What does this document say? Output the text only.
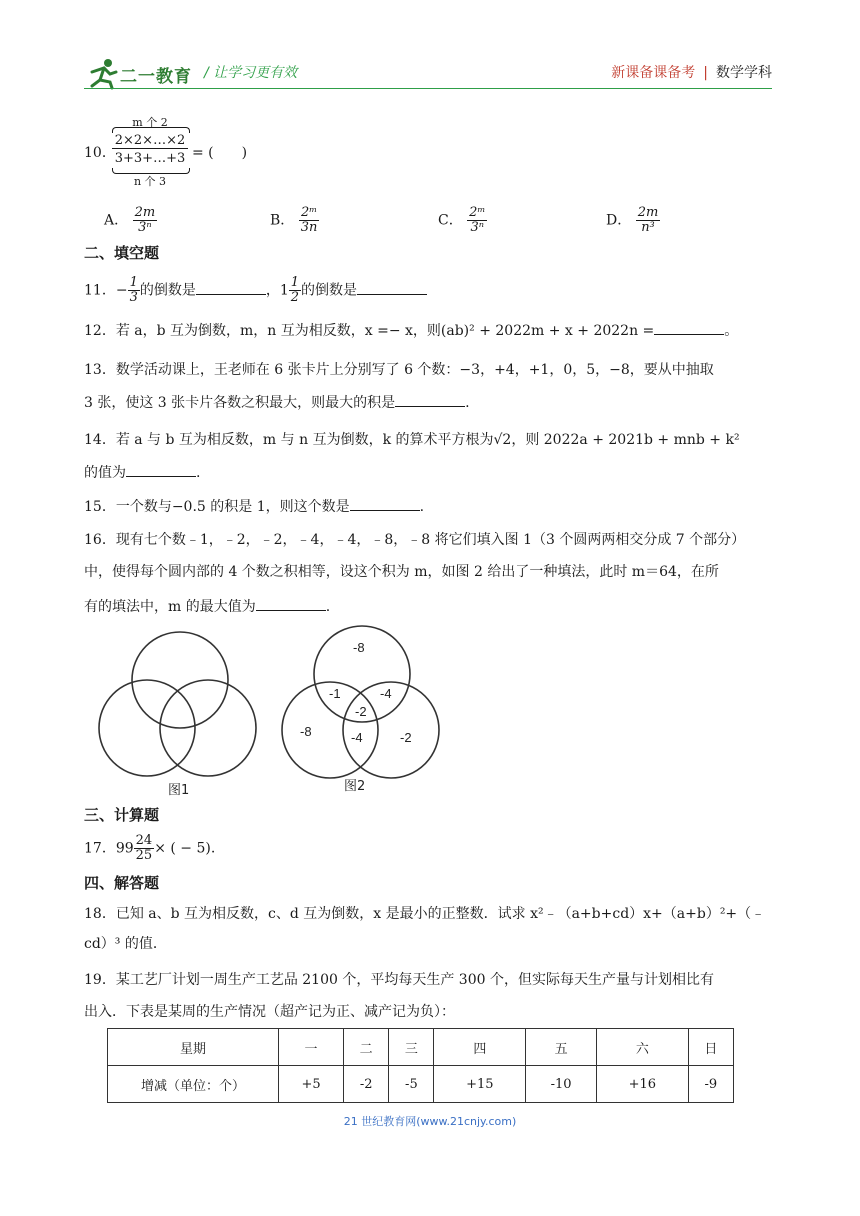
二一教育 / 让学习更有效	新课备课备考 | 数学学科
10．
m 个 2
2×2×…×2
3+3+…+3
n 个 3
= (　　)
A． $\frac{2m}{\text{3ⁿ}}$	B． $\frac{\text{2ᵐ}}{3n}$	C． $\frac{\text{2ᵐ}}{\text{3ⁿ}}$	D． $\frac{2m}{\text{n³}}$
二、填空题
11．− $\frac{1}{3}$ 的倒数是	，$1 \frac{1}{2}$ 的倒数是
12．若 a，b 互为倒数，m，n 互为相反数，x =− x，则(ab)² + 2022m + x + 2022n =	。
13．数学活动课上，王老师在 6 张卡片上分别写了 6 个数：−3，+4，+1，0，5，−8，要从中抽取
3 张，使这 3 张卡片各数之积最大，则最大的积是	.
14．若 a 与 b 互为相反数，m 与 n 互为倒数，k 的算术平方根为√2，则 2022a + 2021b + mnb + k²
的值为	.
15．一个数与−0.5 的积是 1，则这个数是	.
16．现有七个数﹣1，﹣2，﹣2，﹣4，﹣4，﹣8，﹣8 将它们填入图 1（3 个圆两两相交分成 7 个部分）
中，使得每个圆内部的 4 个数之积相等，设这个积为 m，如图 2 给出了一种填法，此时 m＝64，在所
有的填法中，m 的最大值为	.
-8
-1	-4
-2
-8	-4	-2
图1	图2
三、计算题
17．$99 \frac{24}{25}$ × ( − 5).
四、解答题
18．已知 a、b 互为相反数，c、d 互为倒数，x 是最小的正整数．试求 x²﹣（a+b+cd）x+（a+b）²+（﹣
cd）³ 的值．
19．某工艺厂计划一周生产工艺品 2100 个，平均每天生产 300 个，但实际每天生产量与计划相比有
出入．下表是某周的生产情况（超产记为正、减产记为负）：
星期	一	二	三	四	五	六	日
增减（单位：个）	+5	-2	-5	+15	-10	+16	-9
21 世纪教育网(www.21cnjy.com)
